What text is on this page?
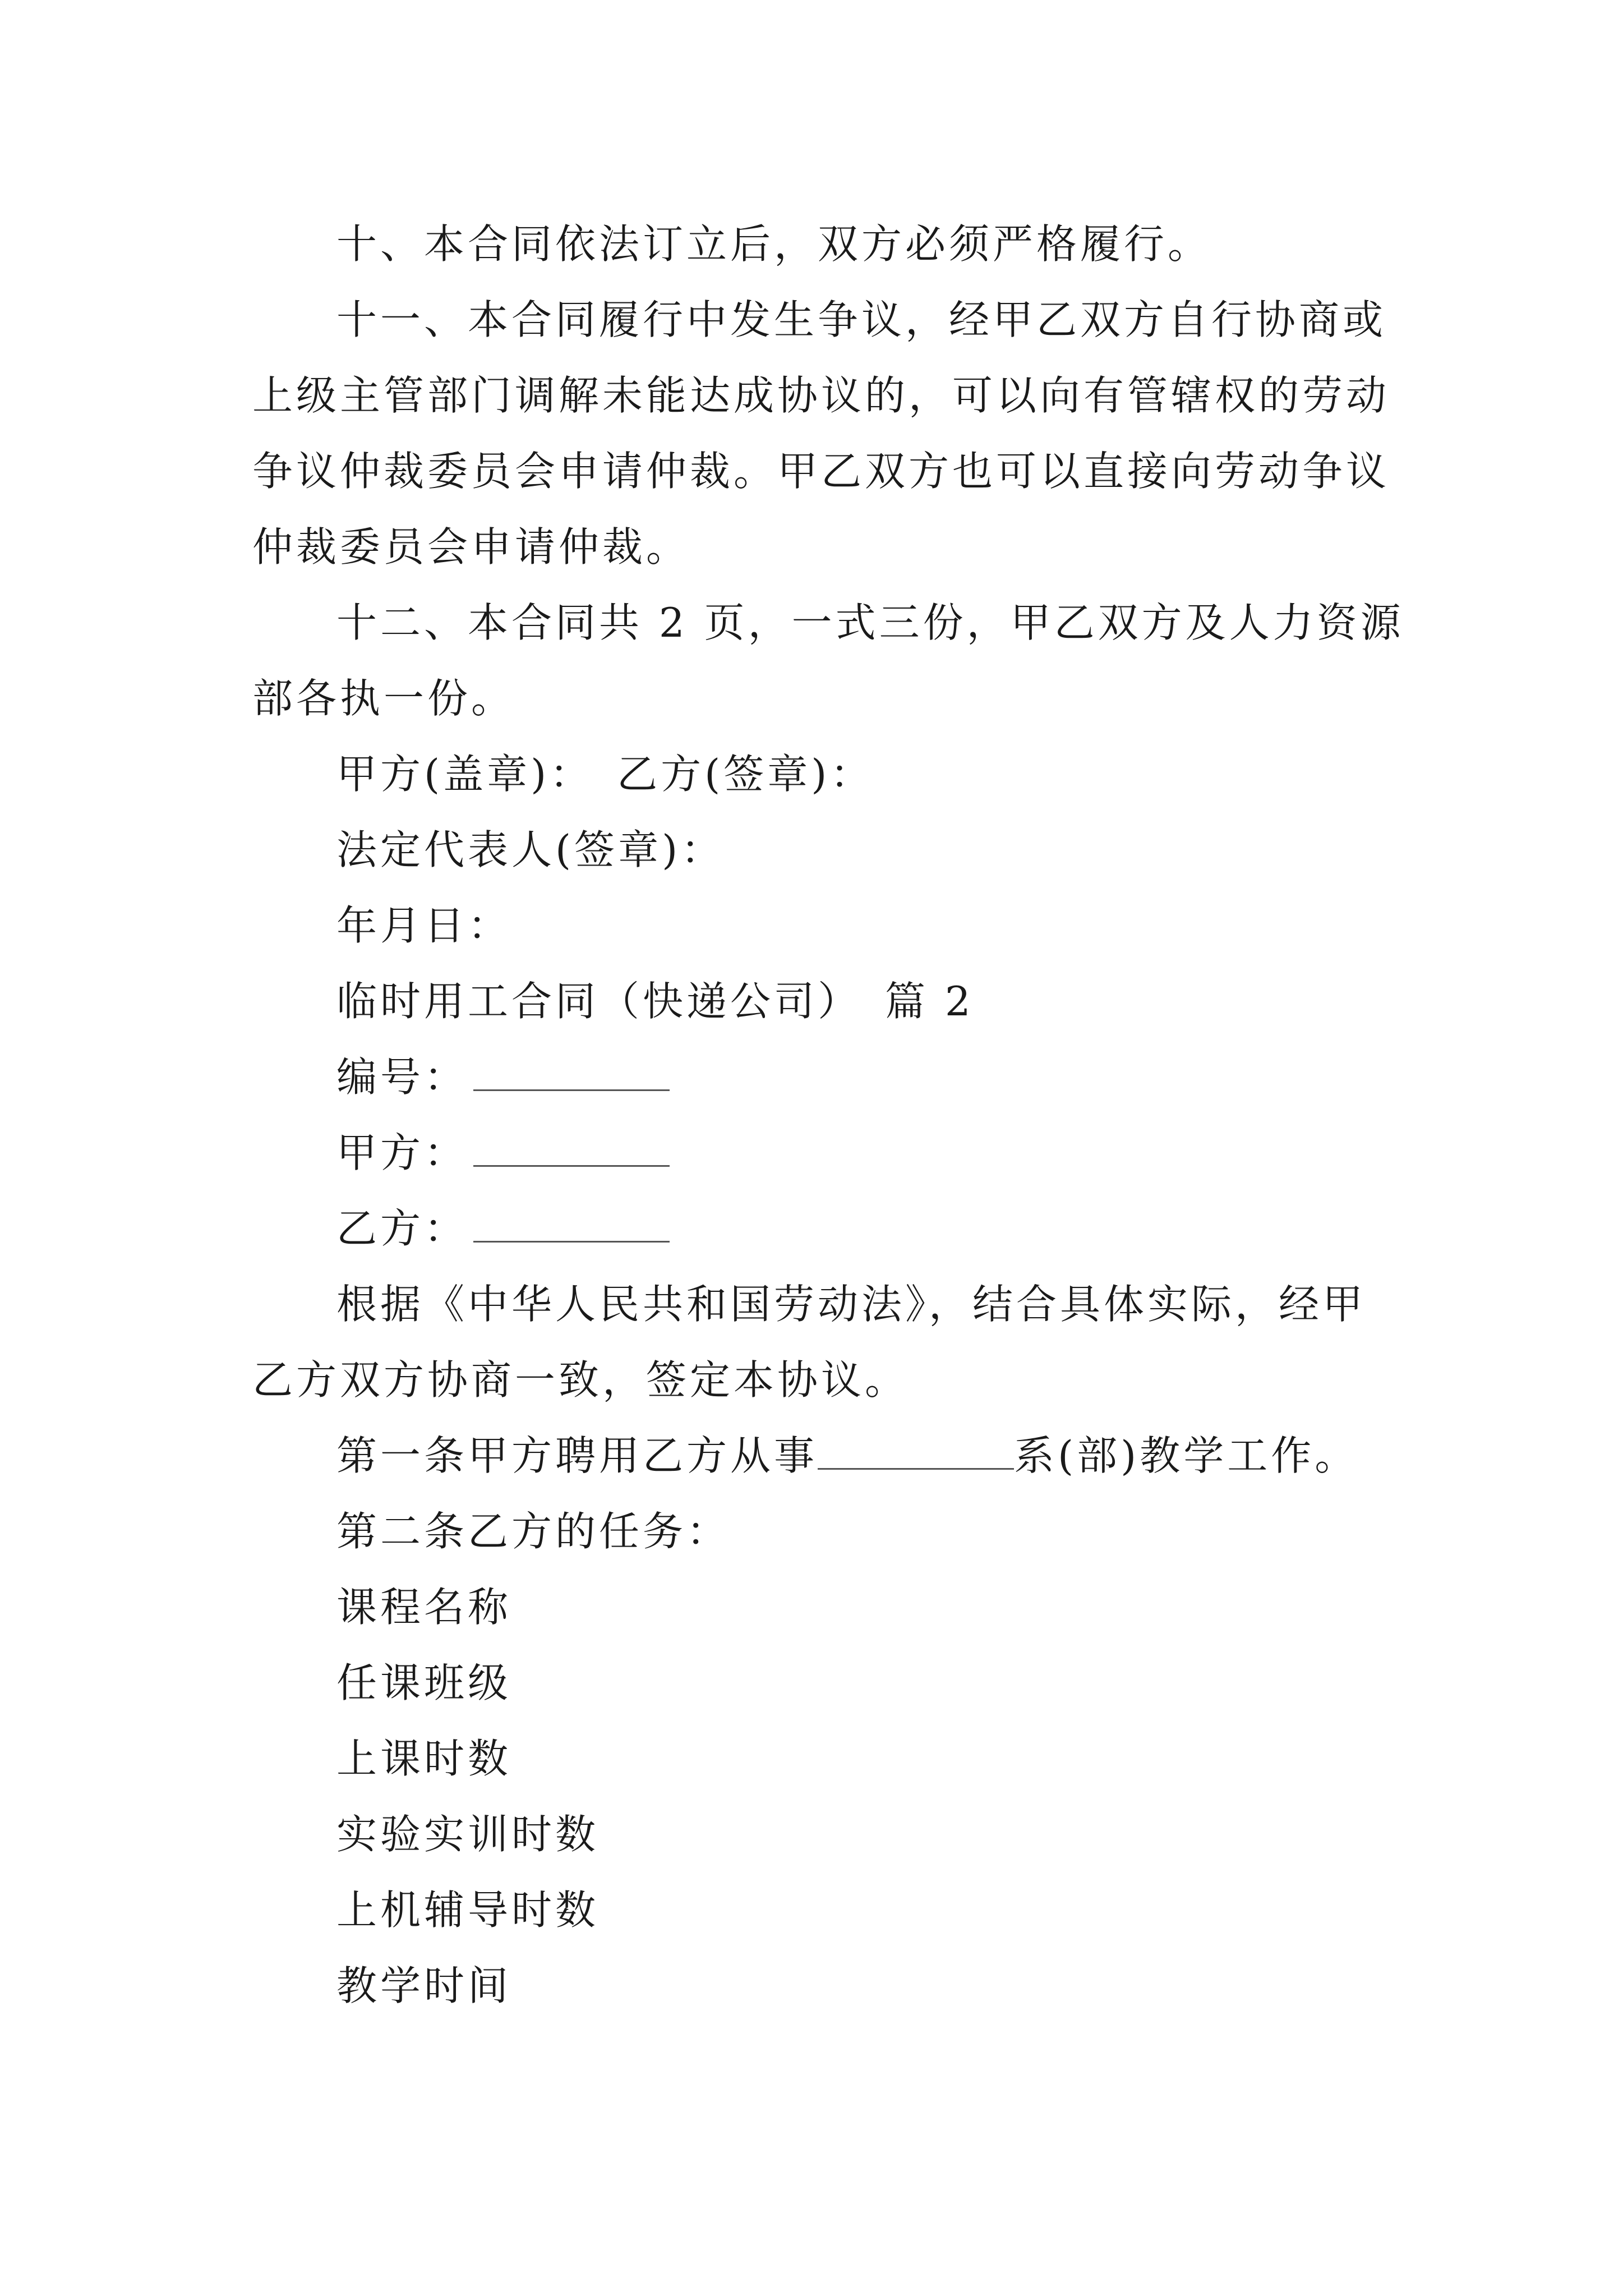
十、本合同依法订立后，双方必须严格履行。
十一、本合同履行中发生争议，经甲乙双方自行协商或
上级主管部门调解未能达成协议的，可以向有管辖权的劳动
争议仲裁委员会申请仲裁。甲乙双方也可以直接向劳动争议
仲裁委员会申请仲裁。
十二、本合同共 2 页，一式三份，甲乙双方及人力资源
部各执一份。
甲方(盖章)：　乙方(签章)：
法定代表人(签章)：
年月日：
临时用工合同（快递公司）　篇 2
编号：
甲方：
乙方：
根据《中华人民共和国劳动法》，结合具体实际，经甲
乙方双方协商一致，签定本协议。
第一条甲方聘用乙方从事	系(部)教学工作。
第二条乙方的任务：
课程名称
任课班级
上课时数
实验实训时数
上机辅导时数
教学时间
